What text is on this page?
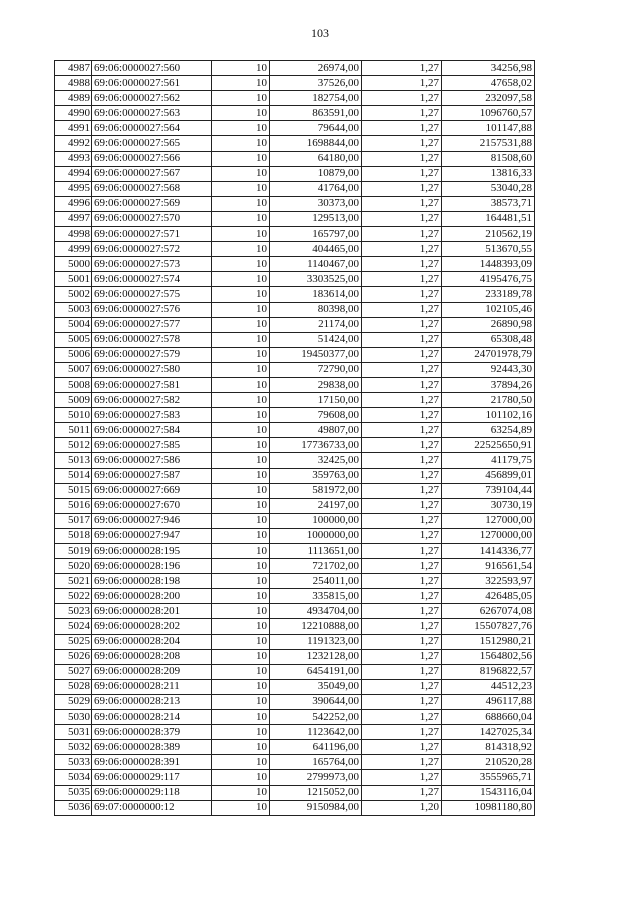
103
4987	69:06:0000027:560	10	26974,00	1,27	34256,98
4988	69:06:0000027:561	10	37526,00	1,27	47658,02
4989	69:06:0000027:562	10	182754,00	1,27	232097,58
4990	69:06:0000027:563	10	863591,00	1,27	1096760,57
4991	69:06:0000027:564	10	79644,00	1,27	101147,88
4992	69:06:0000027:565	10	1698844,00	1,27	2157531,88
4993	69:06:0000027:566	10	64180,00	1,27	81508,60
4994	69:06:0000027:567	10	10879,00	1,27	13816,33
4995	69:06:0000027:568	10	41764,00	1,27	53040,28
4996	69:06:0000027:569	10	30373,00	1,27	38573,71
4997	69:06:0000027:570	10	129513,00	1,27	164481,51
4998	69:06:0000027:571	10	165797,00	1,27	210562,19
4999	69:06:0000027:572	10	404465,00	1,27	513670,55
5000	69:06:0000027:573	10	1140467,00	1,27	1448393,09
5001	69:06:0000027:574	10	3303525,00	1,27	4195476,75
5002	69:06:0000027:575	10	183614,00	1,27	233189,78
5003	69:06:0000027:576	10	80398,00	1,27	102105,46
5004	69:06:0000027:577	10	21174,00	1,27	26890,98
5005	69:06:0000027:578	10	51424,00	1,27	65308,48
5006	69:06:0000027:579	10	19450377,00	1,27	24701978,79
5007	69:06:0000027:580	10	72790,00	1,27	92443,30
5008	69:06:0000027:581	10	29838,00	1,27	37894,26
5009	69:06:0000027:582	10	17150,00	1,27	21780,50
5010	69:06:0000027:583	10	79608,00	1,27	101102,16
5011	69:06:0000027:584	10	49807,00	1,27	63254,89
5012	69:06:0000027:585	10	17736733,00	1,27	22525650,91
5013	69:06:0000027:586	10	32425,00	1,27	41179,75
5014	69:06:0000027:587	10	359763,00	1,27	456899,01
5015	69:06:0000027:669	10	581972,00	1,27	739104,44
5016	69:06:0000027:670	10	24197,00	1,27	30730,19
5017	69:06:0000027:946	10	100000,00	1,27	127000,00
5018	69:06:0000027:947	10	1000000,00	1,27	1270000,00
5019	69:06:0000028:195	10	1113651,00	1,27	1414336,77
5020	69:06:0000028:196	10	721702,00	1,27	916561,54
5021	69:06:0000028:198	10	254011,00	1,27	322593,97
5022	69:06:0000028:200	10	335815,00	1,27	426485,05
5023	69:06:0000028:201	10	4934704,00	1,27	6267074,08
5024	69:06:0000028:202	10	12210888,00	1,27	15507827,76
5025	69:06:0000028:204	10	1191323,00	1,27	1512980,21
5026	69:06:0000028:208	10	1232128,00	1,27	1564802,56
5027	69:06:0000028:209	10	6454191,00	1,27	8196822,57
5028	69:06:0000028:211	10	35049,00	1,27	44512,23
5029	69:06:0000028:213	10	390644,00	1,27	496117,88
5030	69:06:0000028:214	10	542252,00	1,27	688660,04
5031	69:06:0000028:379	10	1123642,00	1,27	1427025,34
5032	69:06:0000028:389	10	641196,00	1,27	814318,92
5033	69:06:0000028:391	10	165764,00	1,27	210520,28
5034	69:06:0000029:117	10	2799973,00	1,27	3555965,71
5035	69:06:0000029:118	10	1215052,00	1,27	1543116,04
5036	69:07:0000000:12	10	9150984,00	1,20	10981180,80
